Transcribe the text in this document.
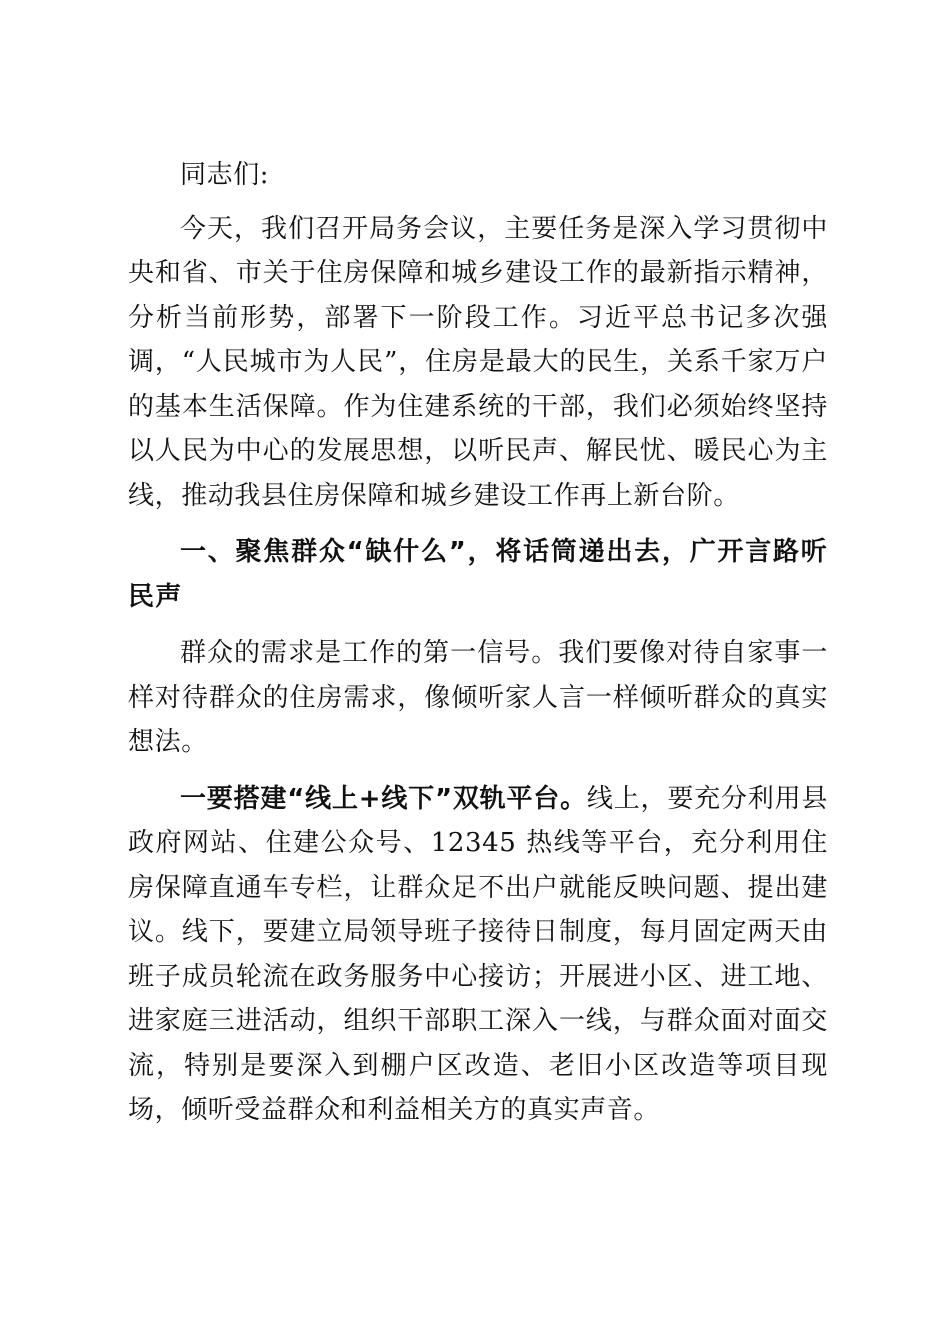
同志们:

今天，我们召开局务会议，主要任务是深入学习贯彻中央和省、市关于住房保障和城乡建设工作的最新指示精神，分析当前形势，部署下一阶段工作。习近平总书记多次强调，“人民城市为人民”，住房是最大的民生，关系千家万户的基本生活保障。作为住建系统的干部，我们必须始终坚持以人民为中心的发展思想，以听民声、解民忧、暖民心为主线，推动我县住房保障和城乡建设工作再上新台阶。

一、聚焦群众“缺什么”，将话筒递出去，广开言路听民声

群众的需求是工作的第一信号。我们要像对待自家事一样对待群众的住房需求，像倾听家人言一样倾听群众的真实想法。

一要搭建“线上+线下”双轨平台。线上，要充分利用县政府网站、住建公众号、12345 热线等平台，充分利用住房保障直通车专栏，让群众足不出户就能反映问题、提出建议。线下，要建立局领导班子接待日制度，每月固定两天由班子成员轮流在政务服务中心接访；开展进小区、进工地、进家庭三进活动，组织干部职工深入一线，与群众面对面交流，特别是要深入到棚户区改造、老旧小区改造等项目现场，倾听受益群众和利益相关方的真实声音。
